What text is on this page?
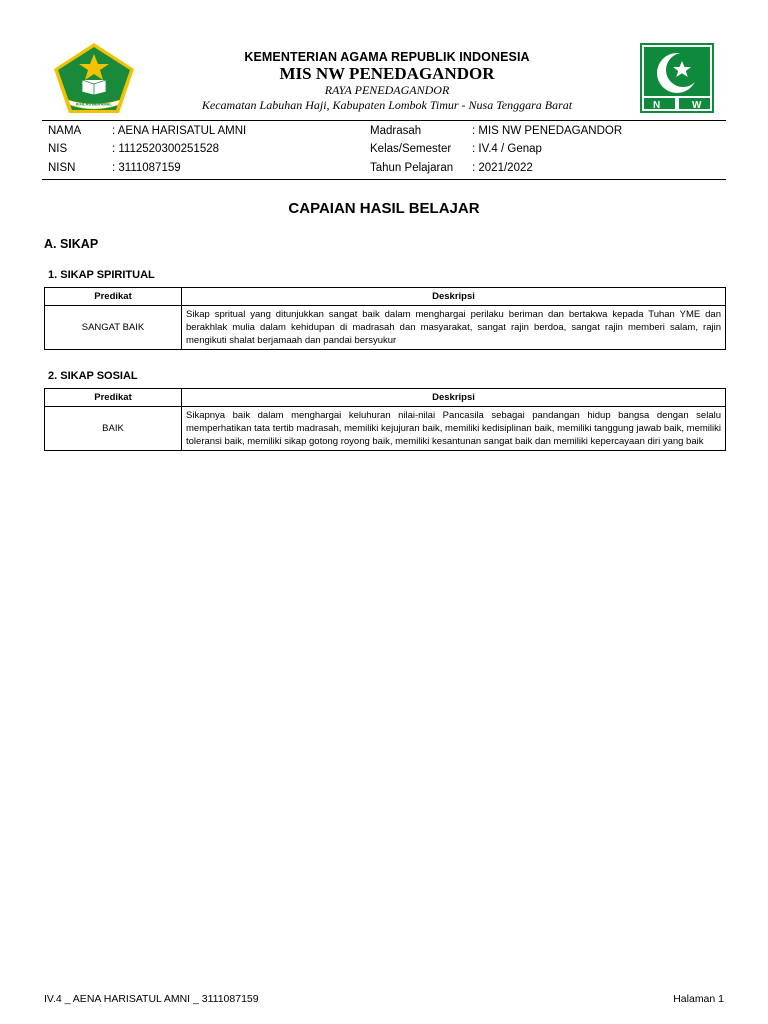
IKHLAS BERAMAL	N	W
KEMENTERIAN AGAMA REPUBLIK INDONESIA
MIS NW PENEDAGANDOR
RAYA PENEDAGANDOR
Kecamatan Labuhan Haji, Kabupaten Lombok Timur - Nusa Tenggara Barat
NAMA	: AENA HARISATUL AMNI
NIS	: 1112520300251528
NISN	: 3111087159
Madrasah	: MIS NW PENEDAGANDOR
Kelas/Semester : IV.4 / Genap
Tahun Pelajaran : 2021/2022
CAPAIAN HASIL BELAJAR
A. SIKAP
1. SIKAP SPIRITUAL
Predikat	Deskripsi
SANGAT BAIK	Sikap spritual yang ditunjukkan sangat baik dalam menghargai perilaku beriman dan bertakwa kepada Tuhan YME dan berakhlak mulia dalam kehidupan di madrasah dan masyarakat, sangat rajin berdoa, sangat rajin memberi salam, rajin mengikuti shalat berjamaah dan pandai bersyukur
2. SIKAP SOSIAL
Predikat	Deskripsi
BAIK	Sikapnya baik dalam menghargai keluhuran nilai-nilai Pancasila sebagai pandangan hidup bangsa dengan selalu memperhatikan tata tertib madrasah, memiliki kejujuran baik, memiliki kedisiplinan baik, memiliki tanggung jawab baik, memiliki toleransi baik, memiliki sikap gotong royong baik, memiliki kesantunan sangat baik dan memiliki kepercayaan diri yang baik
IV.4 _ AENA HARISATUL AMNI _ 3111087159	Halaman 1
